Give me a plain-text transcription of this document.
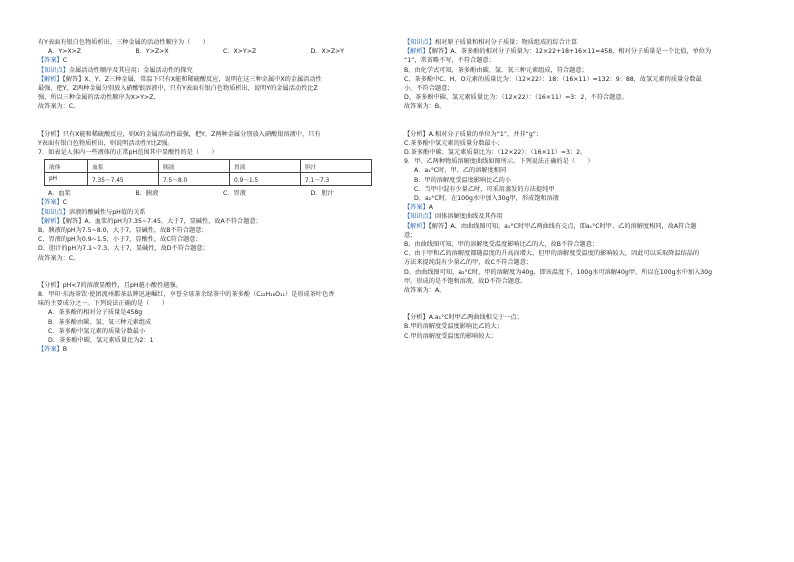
有Y表面有银白色物质析出。三种金属的活动性顺序为（　　）
A．Y>X>Z	B．Y>Z>X	C．X>Y>Z	D．X>Z>Y
【答案】C
【知识点】金属活动性顺序及其应用；金属活动性的探究
【解析】【解答】X、Y、Z三种金属，常温下只有X能和稀硫酸反应，说明在这三种金属中X的金属活动性
最强，把Y、Z两种金属分别放入硝酸银溶液中，只有Y表面有银白色物质析出，说明Y的金属活动性比Z
强，所以三种金属的活动性顺序为X>Y>Z，
故答案为：C。
【分析】只有X能和稀硫酸反应，则X的金属活动性最强，把Y、Z两种金属分别放入硝酸银溶液中，只有
Y表面有银白色物质析出，则说明活动性Y比Z强。
7．如表是人体内一些液体的正常pH范围其中显酸性的是（　　）
液体	血浆	胰液	胃液	胆汁
pH	7.35～7.45	7.5～8.0	0.9～1.5	7.1～7.3
A．血浆	B．胰液	C．胃液	D．胆汁
【答案】C
【知识点】溶液的酸碱性与pH值的关系
【解析】【解答】A、血浆的pH为7.35~7.45，大于7，显碱性，故A不符合题意；
B、胰液的pH为7.5~8.0，大于7，显碱性，故B不符合题意；
C、胃液的pH为0.9~1.5，小于7，显酸性，故C符合题意；
D、胆汁的pH为7.1~7.3，大于7，显碱性，故D不符合题意；
故答案为：C。
【分析】pH<7的溶液显酸性，且pH越小酸性越强。
8．甲印·东海茶饮·使团流州都茶品牌迅速崛红，享誉全球茶余绿茶中的茶多酚（C₂₂H₁₈O₁₁）是形成茶叶色香
味的主要成分之一。下列说法正确的是（　　）
A．茶多酚的相对分子质量是458g
B．茶多酚由碳、氢、氧三种元素组成
C．茶多酚中氢元素的质量分数最小
D．茶多酚中碳、氢元素质量比为2：1
【答案】B
【知识点】相对原子质量和相对分子质量；物质组成的综合计算
【解析】【解答】A、茶多酚的相对分子质量为：12×22+18+16×11=458，相对分子质量是一个比值，单位为
“1”，常省略不写，不符合题意；
B、由化学式可知，茶多酚由碳、氢、氧三种元素组成，符合题意；
C、茶多酚中C、H、O元素的质量比为：（12×22）：18：（16×11）=132：9：88，故氢元素的质量分数最
小，不符合题意；
D、茶多酚中碳、氢元素质量比为：（12×22）：（16×11）=3：2，不符合题意。
故答案为：B。
【分析】A.相对分子质量的单位为“1”，并非“g”；
C.茶多酚中氢元素的质量分数最小；
D.茶多酚中碳、氢元素质量比为：（12×22）：（16×11）=3：2。
9．甲、乙两种物质溶解度曲线如图所示。下列说法正确的是（　　）
A．a₁°C时，甲、乙的溶解度相同
B．甲的溶解度受温度影响比乙的小
C．当甲中混有少量乙时，可采用蒸发的方法提纯甲
D．a₂°C时，在100g水中加入30g甲，形成饱和溶液
【答案】A
【知识点】固体溶解度曲线及其作用
【解析】【解答】A、由曲线图可知，a₁°C时甲乙两曲线有交点，即a₁°C时甲、乙的溶解度相同，故A符合题
意；
B、由曲线图可知，甲的溶解度受温度影响比乙的大，故B不符合题意；
C、由于甲和乙的溶解度都随温度的升高而增大，但甲的溶解度受温度的影响较大，因此可以采取降温结晶的
方法来提纯混有少量乙的甲，故C不符合题意；
D、由曲线图可知，a₂°C时，甲的溶解度为40g，即该温度下，100g水可溶解40g甲，所以在100g水中加入30g
甲，形成的是不饱和溶液，故D不符合题意。
故答案为：A。
【分析】A.a₁°C时甲乙两曲线相交于一点；
B.甲的溶解度受温度影响比乙的大；
C.甲的溶解度受温度的影响较大；
